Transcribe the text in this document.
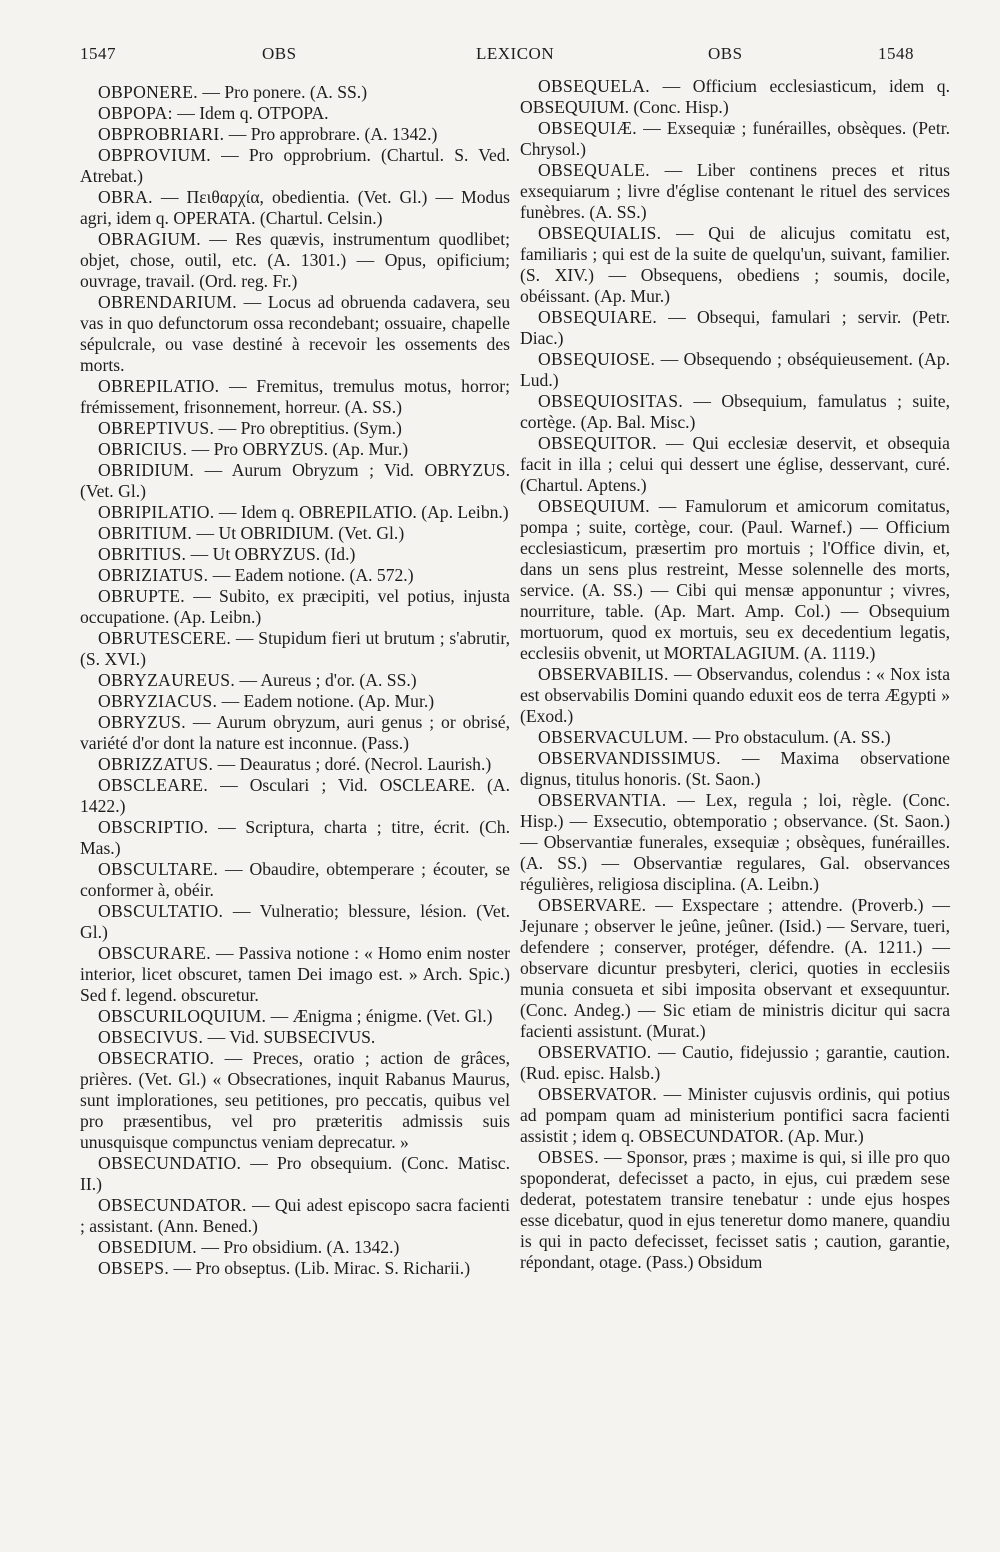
1547	OBS	LEXICON	OBS	1548

OBPONERE. — Pro ponere. (A. SS.)

OBPOPA: — Idem q. OTPOPA.

OBPROBRIARI. — Pro approbrare. (A. 1342.)

OBPROVIUM. — Pro opprobrium. (Chartul. S. Ved. Atrebat.)

OBRA. — Πειθαρχία, obedientia. (Vet. Gl.) — Modus agri, idem q. OPERATA. (Chartul. Celsin.)

OBRAGIUM. — Res quævis, instrumentum quodlibet; objet, chose, outil, etc. (A. 1301.) — Opus, opificium; ouvrage, travail. (Ord. reg. Fr.)

OBRENDARIUM. — Locus ad obruenda cadavera, seu vas in quo defunctorum ossa recondebant; ossuaire, chapelle sépulcrale, ou vase destiné à recevoir les ossements des morts.

OBREPILATIO. — Fremitus, tremulus motus, horror; frémissement, frisonnement, horreur. (A. SS.)

OBREPTIVUS. — Pro obreptitius. (Sym.)

OBRICIUS. — Pro OBRYZUS. (Ap. Mur.)

OBRIDIUM. — Aurum Obryzum ; Vid. OBRYZUS. (Vet. Gl.)

OBRIPILATIO. — Idem q. OBREPILATIO. (Ap. Leibn.)

OBRITIUM. — Ut OBRIDIUM. (Vet. Gl.)

OBRITIUS. — Ut OBRYZUS. (Id.)

OBRIZIATUS. — Eadem notione. (A. 572.)

OBRUPTE. — Subito, ex præcipiti, vel potius, injusta occupatione. (Ap. Leibn.)

OBRUTESCERE. — Stupidum fieri ut brutum ; s'abrutir, (S. XVI.)

OBRYZAUREUS. — Aureus ; d'or. (A. SS.)

OBRYZIACUS. — Eadem notione. (Ap. Mur.)

OBRYZUS. — Aurum obryzum, auri genus ; or obrisé, variété d'or dont la nature est inconnue. (Pass.)

OBRIZZATUS. — Deauratus ; doré. (Necrol. Laurish.)

OBSCLEARE. — Osculari ; Vid. OSCLEARE. (A. 1422.)

OBSCRIPTIO. — Scriptura, charta ; titre, écrit. (Ch. Mas.)

OBSCULTARE. — Obaudire, obtemperare ; écouter, se conformer à, obéir.

OBSCULTATIO. — Vulneratio; blessure, lésion. (Vet. Gl.)

OBSCURARE. — Passiva notione : « Homo enim noster interior, licet obscuret, tamen Dei imago est. » Arch. Spic.) Sed f. legend. obscuretur.

OBSCURILOQUIUM. — Ænigma ; énigme. (Vet. Gl.)

OBSECIVUS. — Vid. SUBSECIVUS.

OBSECRATIO. — Preces, oratio ; action de grâces, prières. (Vet. Gl.) « Obsecrationes, inquit Rabanus Maurus, sunt implorationes, seu petitiones, pro peccatis, quibus vel pro præsentibus, vel pro præteritis admissis suis unusquisque compunctus veniam deprecatur. »

OBSECUNDATIO. — Pro obsequium. (Conc. Matisc. II.)

OBSECUNDATOR. — Qui adest episcopo sacra facienti ; assistant. (Ann. Bened.)

OBSEDIUM. — Pro obsidium. (A. 1342.)

OBSEPS. — Pro obseptus. (Lib. Mirac. S. Richarii.)

OBSEQUELA. — Officium ecclesiasticum, idem q. OBSEQUIUM. (Conc. Hisp.)

OBSEQUIÆ. — Exsequiæ ; funérailles, obsèques. (Petr. Chrysol.)

OBSEQUALE. — Liber continens preces et ritus exsequiarum ; livre d'église contenant le rituel des services funèbres. (A. SS.)

OBSEQUIALIS. — Qui de alicujus comitatu est, familiaris ; qui est de la suite de quelqu'un, suivant, familier. (S. XIV.) — Obsequens, obediens ; soumis, docile, obéissant. (Ap. Mur.)

OBSEQUIARE. — Obsequi, famulari ; servir. (Petr. Diac.)

OBSEQUIOSE. — Obsequendo ; obséquieusement. (Ap. Lud.)

OBSEQUIOSITAS. — Obsequium, famulatus ; suite, cortège. (Ap. Bal. Misc.)

OBSEQUITOR. — Qui ecclesiæ deservit, et obsequia facit in illa ; celui qui dessert une église, desservant, curé. (Chartul. Aptens.)

OBSEQUIUM. — Famulorum et amicorum comitatus, pompa ; suite, cortège, cour. (Paul. Warnef.) — Officium ecclesiasticum, præsertim pro mortuis ; l'Office divin, et, dans un sens plus restreint, Messe solennelle des morts, service. (A. SS.) — Cibi qui mensæ apponuntur ; vivres, nourriture, table. (Ap. Mart. Amp. Col.) — Obsequium mortuorum, quod ex mortuis, seu ex decedentium legatis, ecclesiis obvenit, ut MORTALAGIUM. (A. 1119.)

OBSERVABILIS. — Observandus, colendus : « Nox ista est observabilis Domini quando eduxit eos de terra Ægypti » (Exod.)

OBSERVACULUM. — Pro obstaculum. (A. SS.)

OBSERVANDISSIMUS. — Maxima observatione dignus, titulus honoris. (St. Saon.)

OBSERVANTIA. — Lex, regula ; loi, règle. (Conc. Hisp.) — Exsecutio, obtemporatio ; observance. (St. Saon.) — Observantiæ funerales, exsequiæ ; obsèques, funérailles. (A. SS.) — Observantiæ regulares, Gal. observances régulières, religiosa disciplina. (A. Leibn.)

OBSERVARE. — Exspectare ; attendre. (Proverb.) — Jejunare ; observer le jeûne, jeûner. (Isid.) — Servare, tueri, defendere ; conserver, protéger, défendre. (A. 1211.) — observare dicuntur presbyteri, clerici, quoties in ecclesiis munia consueta et sibi imposita observant et exsequuntur. (Conc. Andeg.) — Sic etiam de ministris dicitur qui sacra facienti assistunt. (Murat.)

OBSERVATIO. — Cautio, fidejussio ; garantie, caution. (Rud. episc. Halsb.)

OBSERVATOR. — Minister cujusvis ordinis, qui potius ad pompam quam ad ministerium pontifici sacra facienti assistit ; idem q. OBSECUNDATOR. (Ap. Mur.)

OBSES. — Sponsor, præs ; maxime is qui, si ille pro quo spoponderat, defecisset a pacto, in ejus, cui prædem sese dederat, potestatem transire tenebatur : unde ejus hospes esse dicebatur, quod in ejus teneretur domo manere, quandiu is qui in pacto defecisset, fecisset satis ; caution, garantie, répondant, otage. (Pass.) Obsidum
